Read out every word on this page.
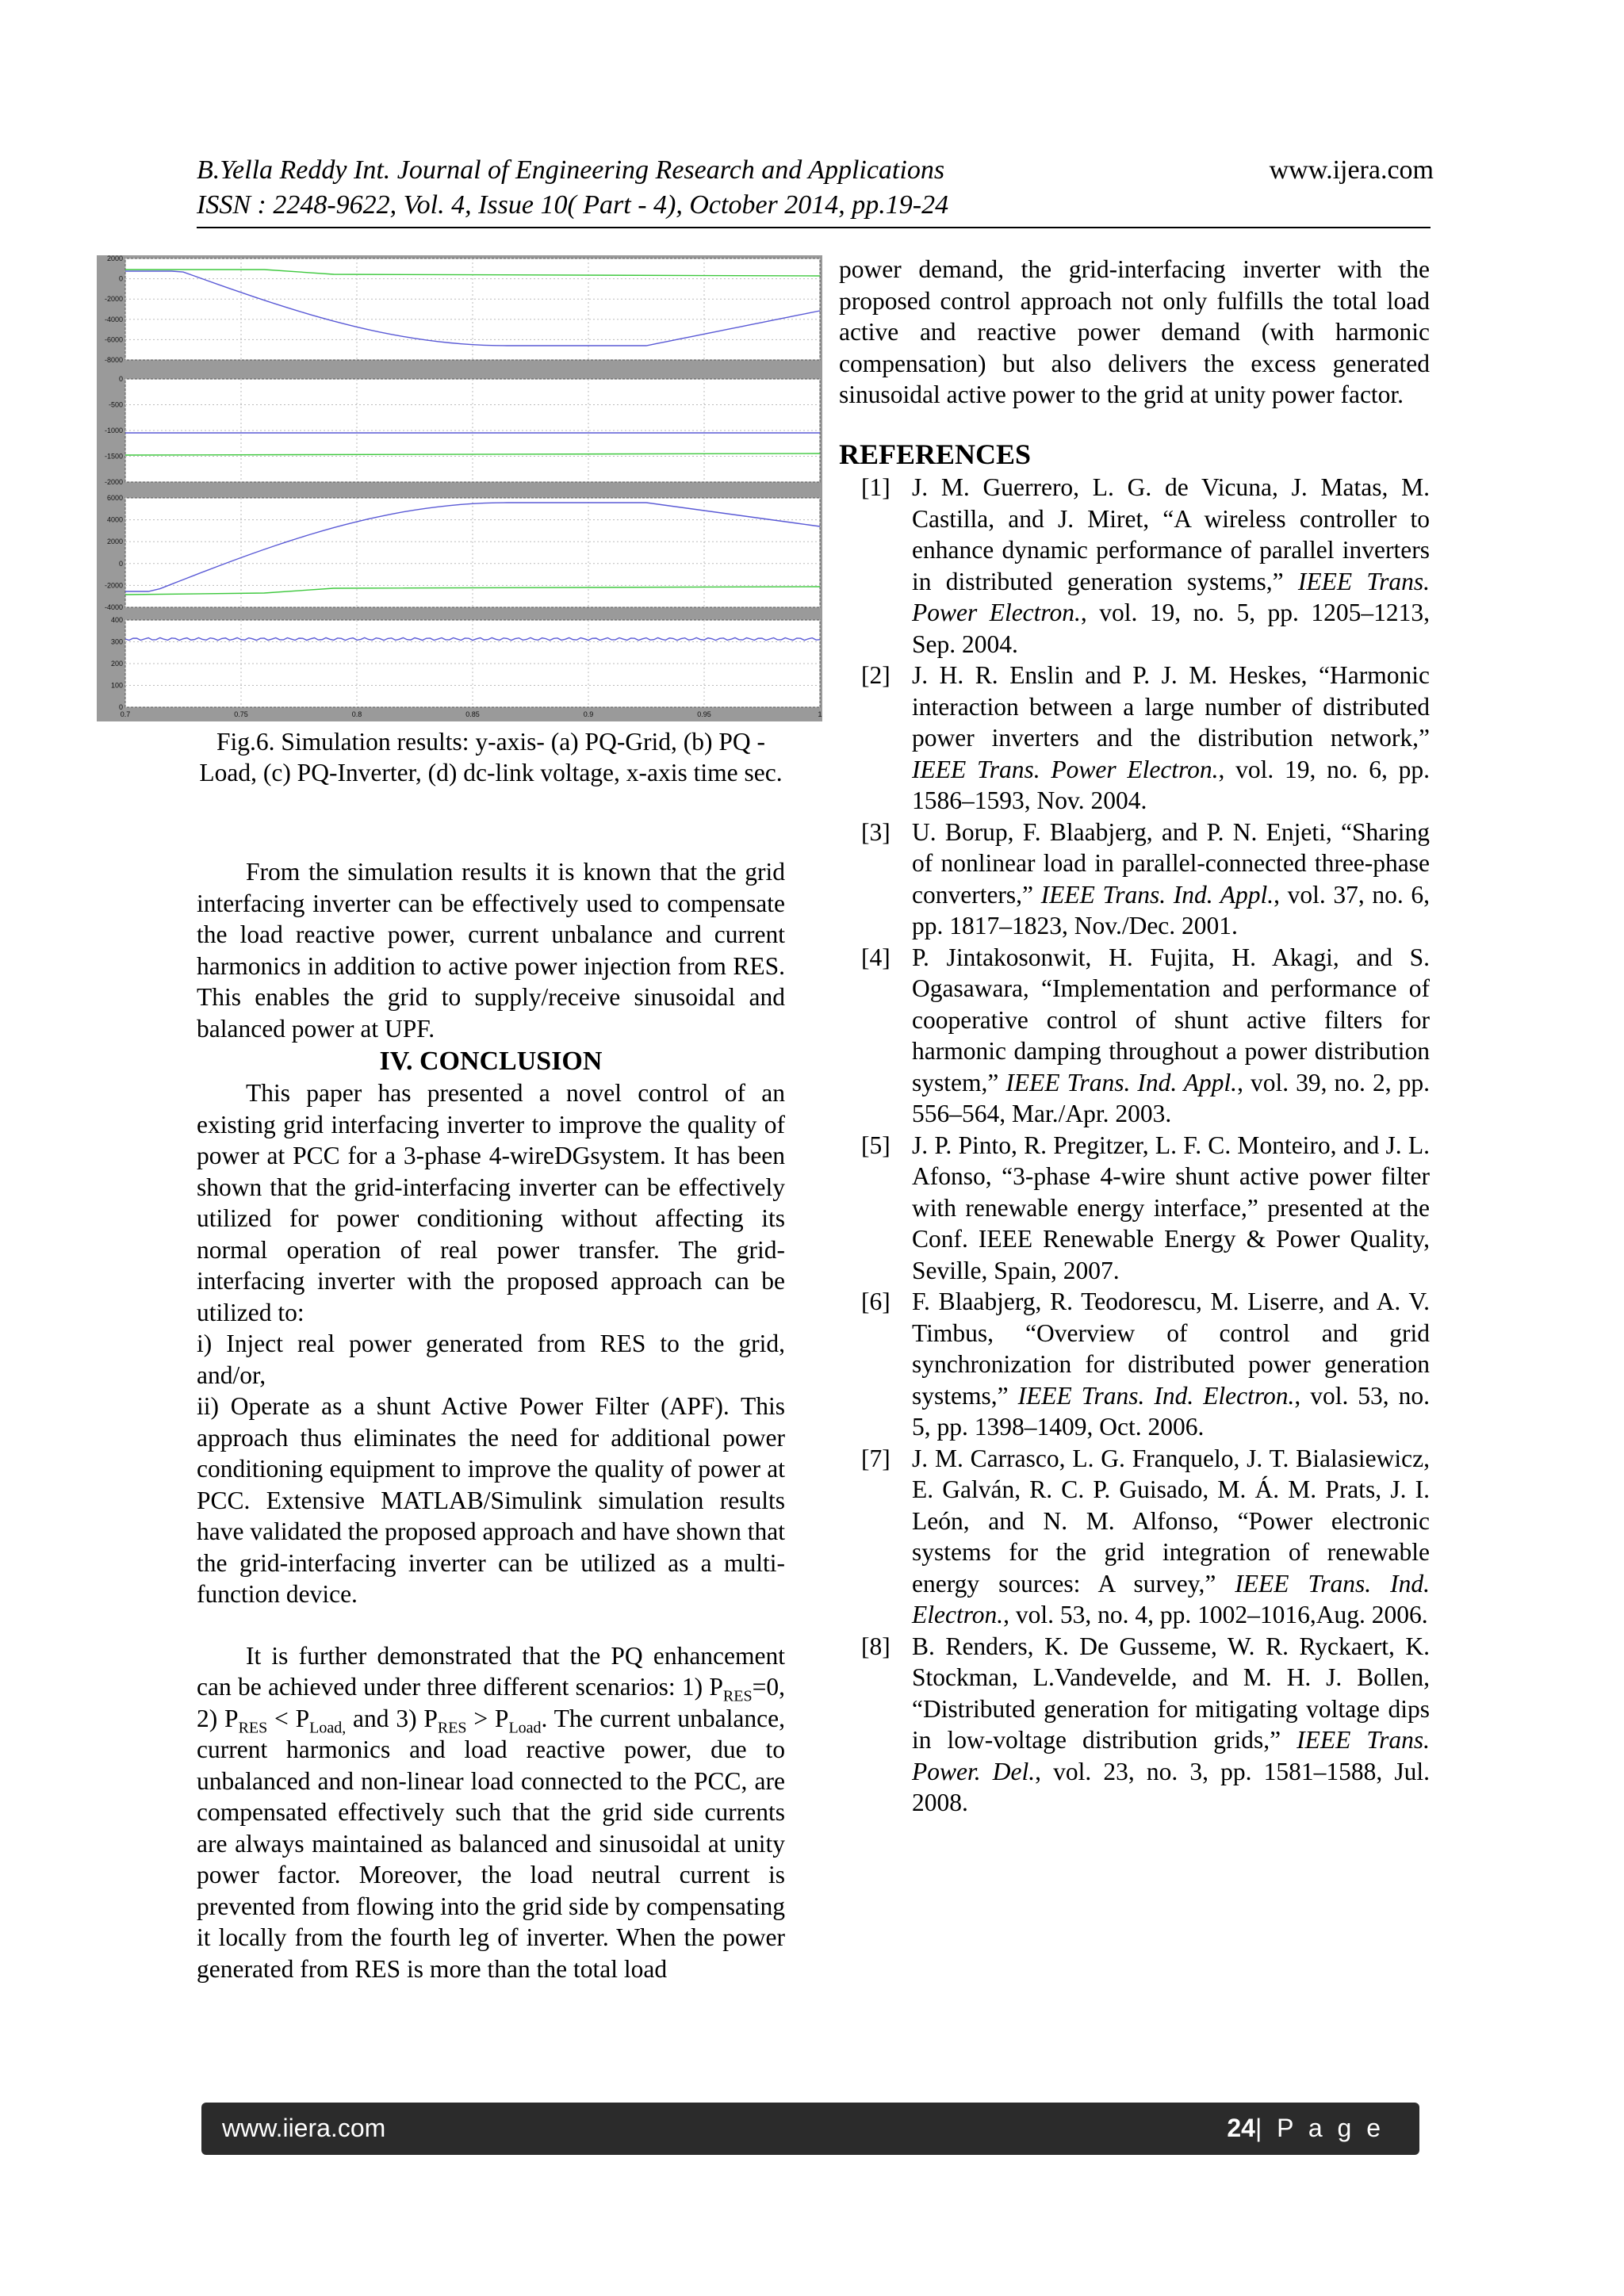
B.Yella Reddy Int. Journal of Engineering Research and Applications	www.ijera.com
ISSN : 2248-9622, Vol. 4, Issue 10( Part - 4), October 2014, pp.19-24
2000
0
-2000
-4000
-6000
-8000
0
-500
-1000
-1500
-2000
6000
4000
2000
0
-2000
-4000
400
300
200
100
0
0.7	0.75	0.8	0.85	0.9	0.95	1
Fig.6. Simulation results: y-axis- (a) PQ-Grid, (b) PQ -Load, (c) PQ-Inverter, (d) dc-link voltage, x-axis time sec.

From the simulation results it is known that the grid interfacing inverter can be effectively used to compensate the load reactive power, current unbalance and current harmonics in addition to active power injection from RES. This enables the grid to supply/receive sinusoidal and balanced power at UPF.

IV. CONCLUSION

This paper has presented a novel control of an existing grid interfacing inverter to improve the quality of power at PCC for a 3-phase 4-wireDGsystem. It has been shown that the grid-interfacing inverter can be effectively utilized for power conditioning without affecting its normal operation of real power transfer. The grid-interfacing inverter with the proposed approach can be utilized to:

i) Inject real power generated from RES to the grid, and/or,

ii) Operate as a shunt Active Power Filter (APF). This approach thus eliminates the need for additional power conditioning equipment to improve the quality of power at PCC. Extensive MATLAB/Simulink simulation results have validated the proposed approach and have shown that the grid-interfacing inverter can be utilized as a multi-function device.

It is further demonstrated that the PQ enhancement can be achieved under three different scenarios: 1) $P_{RES}=0$, 2) $P_{RES} < P_{Load,}$ and 3) $P_{RES} > P_{Load}$. The current unbalance, current harmonics and load reactive power, due to unbalanced and non-linear load connected to the PCC, are compensated effectively such that the grid side currents are always maintained as balanced and sinusoidal at unity power factor. Moreover, the load neutral current is prevented from flowing into the grid side by compensating it locally from the fourth leg of inverter. When the power generated from RES is more than the total load

power demand, the grid-interfacing inverter with the proposed control approach not only fulfills the total load active and reactive power demand (with harmonic compensation) but also delivers the excess generated sinusoidal active power to the grid at unity power factor.

REFERENCES
[1] J. M. Guerrero, L. G. de Vicuna, J. Matas, M. Castilla, and J. Miret, “A wireless controller to enhance dynamic performance of parallel inverters in distributed generation systems,” IEEE Trans. Power Electron., vol. 19, no. 5, pp. 1205–1213, Sep. 2004.
[2] J. H. R. Enslin and P. J. M. Heskes, “Harmonic interaction between a large number of distributed power inverters and the distribution network,” IEEE Trans. Power Electron., vol. 19, no. 6, pp. 1586–1593, Nov. 2004.
[3] U. Borup, F. Blaabjerg, and P. N. Enjeti, “Sharing of nonlinear load in parallel-connected three-phase converters,” IEEE Trans. Ind. Appl., vol. 37, no. 6, pp. 1817–1823, Nov./Dec. 2001.
[4] P. Jintakosonwit, H. Fujita, H. Akagi, and S. Ogasawara, “Implementation and performance of cooperative control of shunt active filters for harmonic damping throughout a power distribution system,” IEEE Trans. Ind. Appl., vol. 39, no. 2, pp. 556–564, Mar./Apr. 2003.
[5] J. P. Pinto, R. Pregitzer, L. F. C. Monteiro, and J. L. Afonso, “3-phase 4-wire shunt active power filter with renewable energy interface,” presented at the Conf. IEEE Renewable Energy & Power Quality, Seville, Spain, 2007.
[6] F. Blaabjerg, R. Teodorescu, M. Liserre, and A. V. Timbus, “Overview of control and grid synchronization for distributed power generation systems,” IEEE Trans. Ind. Electron., vol. 53, no. 5, pp. 1398–1409, Oct. 2006.
[7] J. M. Carrasco, L. G. Franquelo, J. T. Bialasiewicz, E. Galván, R. C. P. Guisado, M. Á. M. Prats, J. I. León, and N. M. Alfonso, “Power electronic systems for the grid integration of renewable energy sources: A survey,” IEEE Trans. Ind. Electron., vol. 53, no. 4, pp. 1002–1016,Aug. 2006.
[8] B. Renders, K. De Gusseme, W. R. Ryckaert, K. Stockman, L.Vandevelde, and M. H. J. Bollen, “Distributed generation for mitigating voltage dips in low-voltage distribution grids,” IEEE Trans. Power. Del., vol. 23, no. 3, pp. 1581–1588, Jul. 2008.
www.iiera.com	24| P a g e
